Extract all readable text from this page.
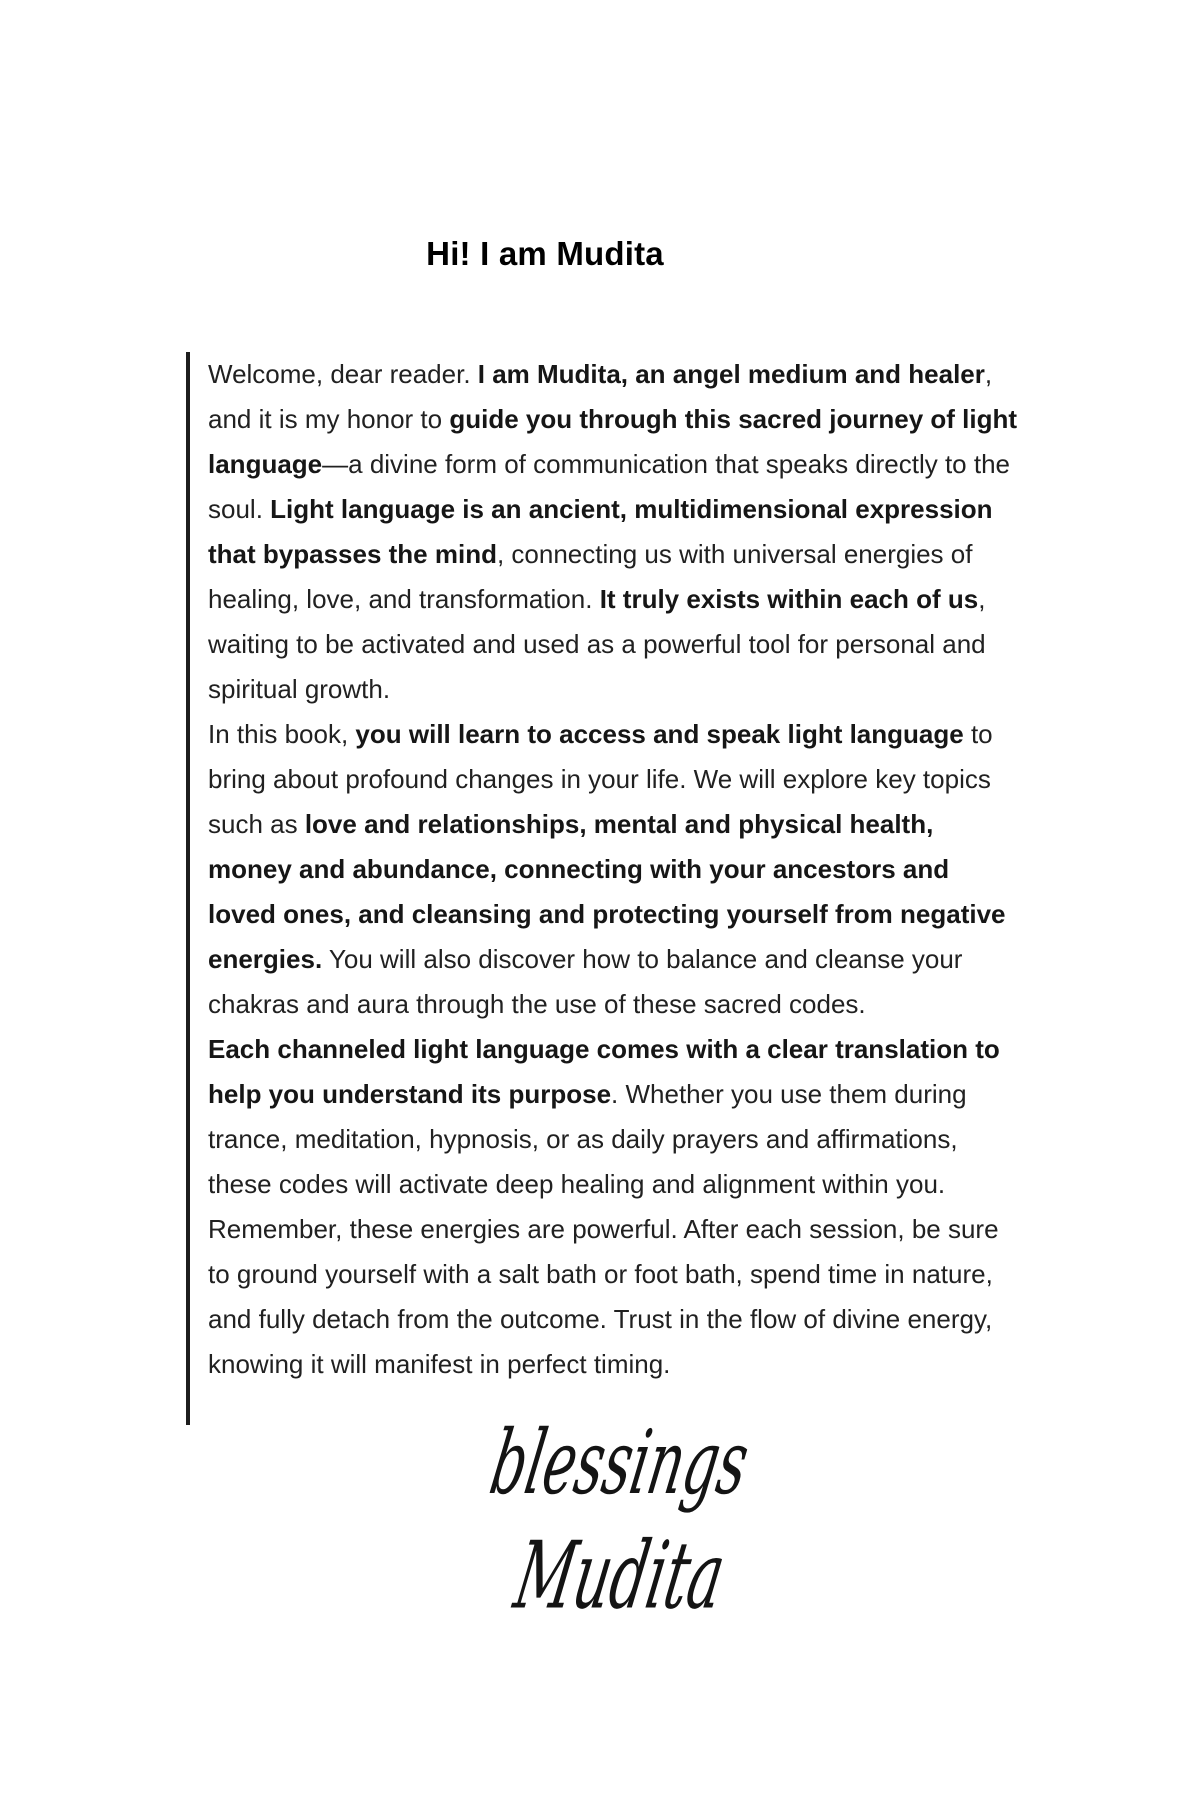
Hi! I am Mudita

Welcome, dear reader. I am Mudita, an angel medium and healer, and it is my honor to guide you through this sacred journey of light language—a divine form of communication that speaks directly to the soul. Light language is an ancient, multidimensional expression that bypasses the mind, connecting us with universal energies of healing, love, and transformation. It truly exists within each of us, waiting to be activated and used as a powerful tool for personal and spiritual growth.

In this book, you will learn to access and speak light language to bring about profound changes in your life. We will explore key topics such as love and relationships, mental and physical health, money and abundance, connecting with your ancestors and loved ones, and cleansing and protecting yourself from negative energies. You will also discover how to balance and cleanse your chakras and aura through the use of these sacred codes.

Each channeled light language comes with a clear translation to help you understand its purpose. Whether you use them during trance, meditation, hypnosis, or as daily prayers and affirmations, these codes will activate deep healing and alignment within you. Remember, these energies are powerful. After each session, be sure to ground yourself with a salt bath or foot bath, spend time in nature, and fully detach from the outcome. Trust in the flow of divine energy, knowing it will manifest in perfect timing.

blessings
Mudita
